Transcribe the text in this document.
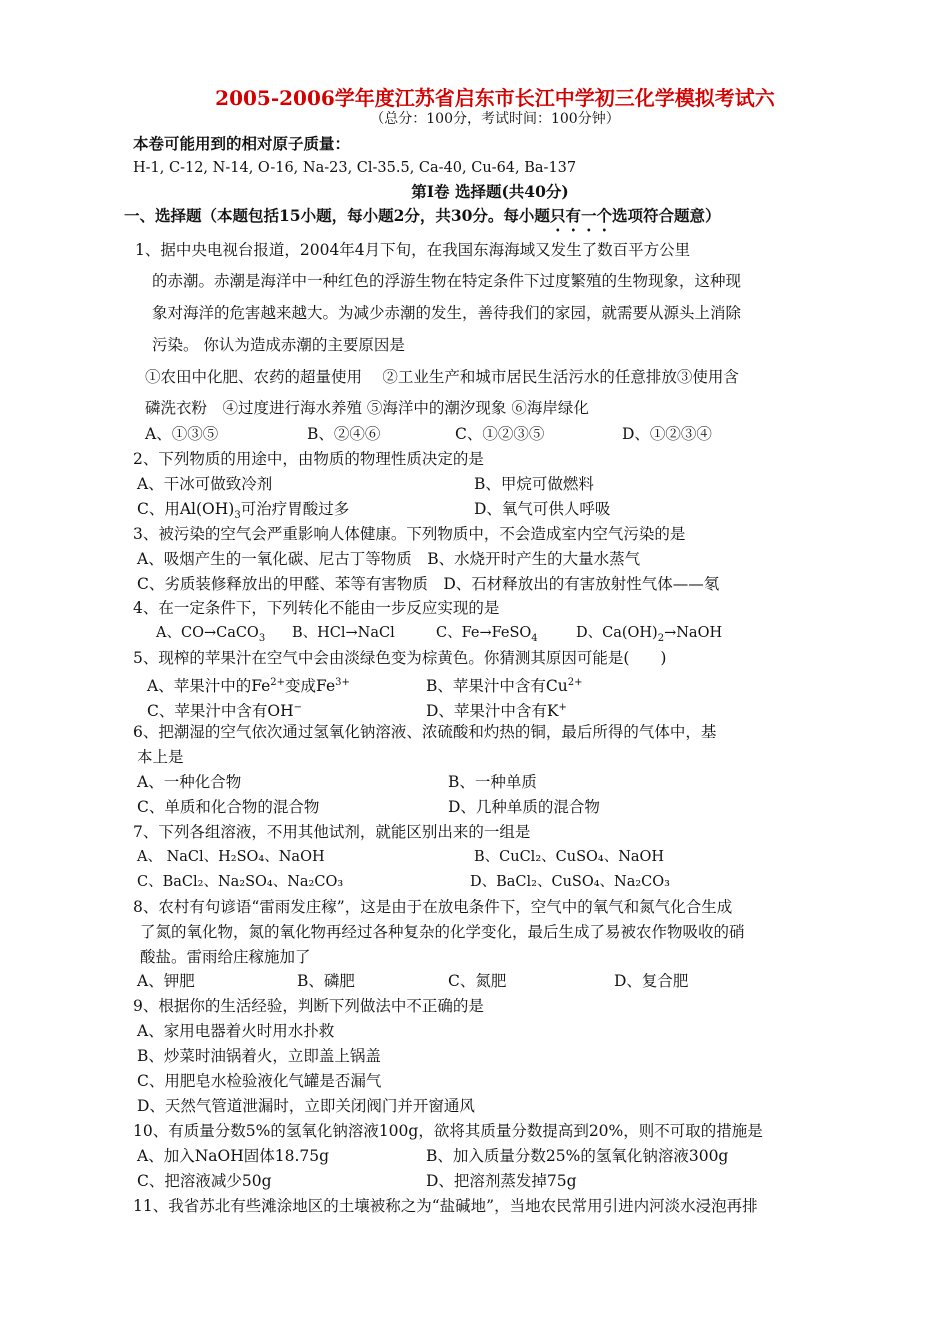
2005-2006学年度江苏省启东市长江中学初三化学模拟考试六
（总分：100分，考试时间：100分钟）
本卷可能用到的相对原子质量：
H-1, C-12, N-14, O-16, Na-23, Cl-35.5, Ca-40, Cu-64, Ba-137
第Ⅰ卷 选择题(共40分)
一、选择题（本题包括15小题，每小题2分，共30分。每小题只有一个选项符合题意）
1、据中央电视台报道，2004年4月下旬，在我国东海海域又发生了数百平方公里
的赤潮。赤潮是海洋中一种红色的浮游生物在特定条件下过度繁殖的生物现象，这种现
象对海洋的危害越来越大。为减少赤潮的发生，善待我们的家园，就需要从源头上消除
污染。 你认为造成赤潮的主要原因是
①农田中化肥、农药的超量使用　 ②工业生产和城市居民生活污水的任意排放③使用含
磷洗衣粉　④过度进行海水养殖 ⑤海洋中的潮汐现象 ⑥海岸绿化
A、①③⑤	B、②④⑥	C、①②③⑤	D、①②③④
2、下列物质的用途中，由物质的物理性质决定的是
A、干冰可做致冷剂	B、甲烷可做燃料
C、用$Al(OH)_3$可治疗胃酸过多	D、氧气可供人呼吸
3、被污染的空气会严重影响人体健康。下列物质中，不会造成室内空气污染的是
A、吸烟产生的一氧化碳、尼古丁等物质　B、水烧开时产生的大量水蒸气
C、劣质装修释放出的甲醛、苯等有害物质　D、石材释放出的有害放射性气体——氡
4、在一定条件下，下列转化不能由一步反应实现的是
A、CO→CaCO$_3$ B、HCl→NaCl	C、Fe→FeSO$_4$	D、$Ca(OH)_2\to NaOH$
5、现榨的苹果汁在空气中会由淡绿色变为棕黄色。你猜测其原因可能是(　　)
A、苹果汁中的$Fe^{2+}$变成$Fe^{3+}$	B、苹果汁中含有$Cu^{2+}$
C、苹果汁中含有OH−	D、苹果汁中含有K+
6、把潮湿的空气依次通过氢氧化钠溶液、浓硫酸和灼热的铜，最后所得的气体中，基
本上是
A、一种化合物	B、一种单质
C、单质和化合物的混合物	D、几种单质的混合物
7、下列各组溶液，不用其他试剂，就能区别出来的一组是
A、 NaCl、H₂SO₄、NaOH	B、CuCl₂、CuSO₄、NaOH
C、BaCl₂、Na₂SO₄、Na₂CO₃	D、BaCl₂、CuSO₄、Na₂CO₃
8、农村有句谚语“雷雨发庄稼”，这是由于在放电条件下，空气中的氧气和氮气化合生成
了氮的氧化物，氮的氧化物再经过各种复杂的化学变化，最后生成了易被农作物吸收的硝
酸盐。雷雨给庄稼施加了
A、钾肥	B、磷肥	C、氮肥	D、复合肥
9、根据你的生活经验，判断下列做法中不正确的是
A、家用电器着火时用水扑救
B、炒菜时油锅着火，立即盖上锅盖
C、用肥皂水检验液化气罐是否漏气
D、天然气管道泄漏时，立即关闭阀门并开窗通风
10、有质量分数5%的氢氧化钠溶液100g，欲将其质量分数提高到20%，则不可取的措施是
A、加入NaOH固体18.75g	B、加入质量分数25%的氢氧化钠溶液300g
C、把溶液减少50g	D、把溶剂蒸发掉75g
11、我省苏北有些滩涂地区的土壤被称之为“盐碱地”，当地农民常用引进内河淡水浸泡再排
